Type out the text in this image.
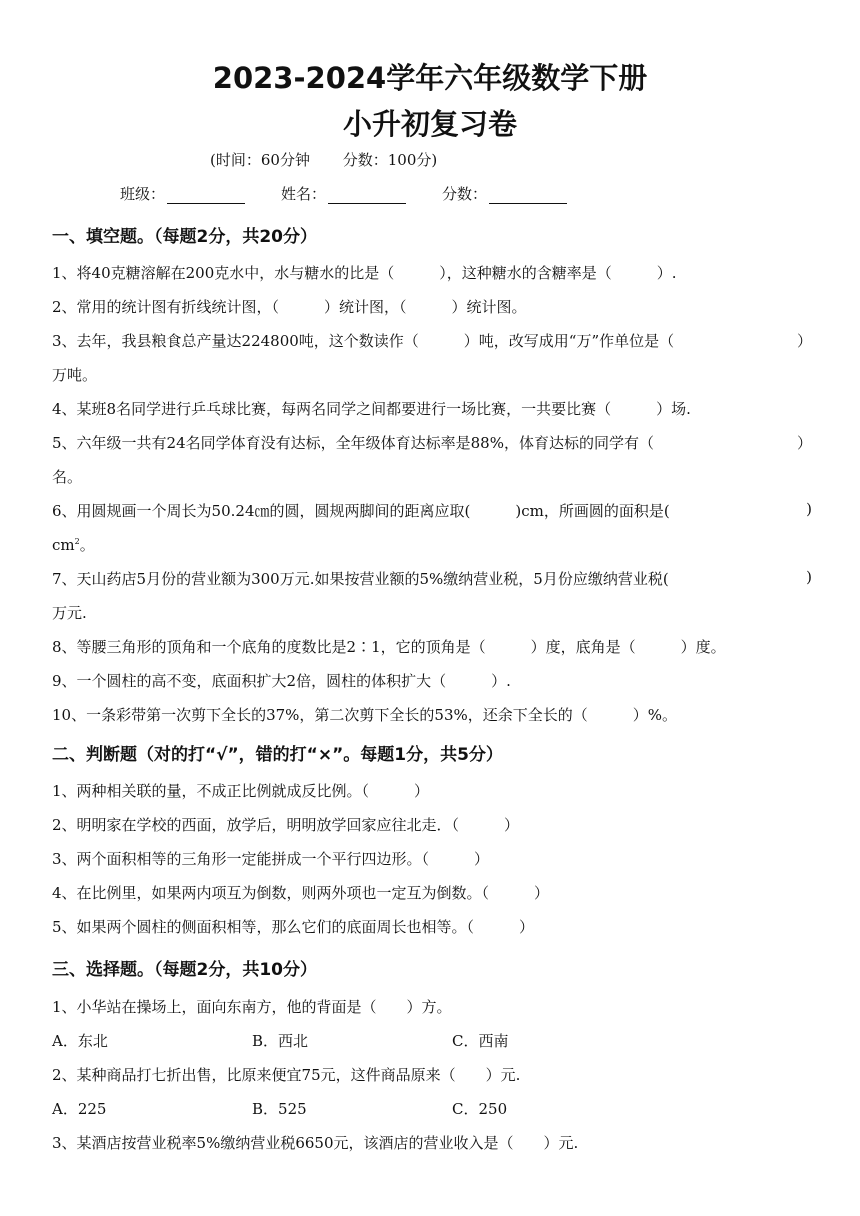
2023-2024学年六年级数学下册
小升初复习卷
(时间：60分钟 分数：100分)
班级：	姓名：	分数：
一、填空题。（每题2分，共20分）
1、将40克糖溶解在200克水中，水与糖水的比是（　　　），这种糖水的含糖率是（　　　）.
2、常用的统计图有折线统计图，（　　　）统计图，（　　　）统计图。
3、去年，我县粮食总产量达224800吨，这个数读作（　　　）吨，改写成用“万”作单位是（	）
万吨。
4、某班8名同学进行乒乓球比赛，每两名同学之间都要进行一场比赛，一共要比赛（　　　）场.
5、六年级一共有24名同学体育没有达标，全年级体育达标率是88%，体育达标的同学有（	）
名。
6、用圆规画一个周长为50.24㎝的圆，圆规两脚间的距离应取(　　　)cm，所画圆的面积是(	)
$cm^2$。
7、天山药店5月份的营业额为300万元.如果按营业额的5%缴纳营业税，5月份应缴纳营业税(	)
万元.
8、等腰三角形的顶角和一个底角的度数比是2∶1，它的顶角是（　　　）度，底角是（　　　）度。
9、一个圆柱的高不变，底面积扩大2倍，圆柱的体积扩大（　　　）.
10、一条彩带第一次剪下全长的37%，第二次剪下全长的53%，还余下全长的（　　　）%。
二、判断题（对的打“√”，错的打“×”。每题1分，共5分）
1、两种相关联的量，不成正比例就成反比例。（　　　）
2、明明家在学校的西面，放学后，明明放学回家应往北走．（　　　）
3、两个面积相等的三角形一定能拼成一个平行四边形。（　　　）
4、在比例里，如果两内项互为倒数，则两外项也一定互为倒数。（　　　）
5、如果两个圆柱的侧面积相等，那么它们的底面周长也相等。（　　　）
三、选择题。（每题2分，共10分）
1、小华站在操场上，面向东南方，他的背面是（　　）方。
A．东北	B．西北	C．西南
2、某种商品打七折出售，比原来便宜75元，这件商品原来（　　）元.
A．225	B．525	C．250
3、某酒店按营业税率5%缴纳营业税6650元，该酒店的营业收入是（　　）元.
